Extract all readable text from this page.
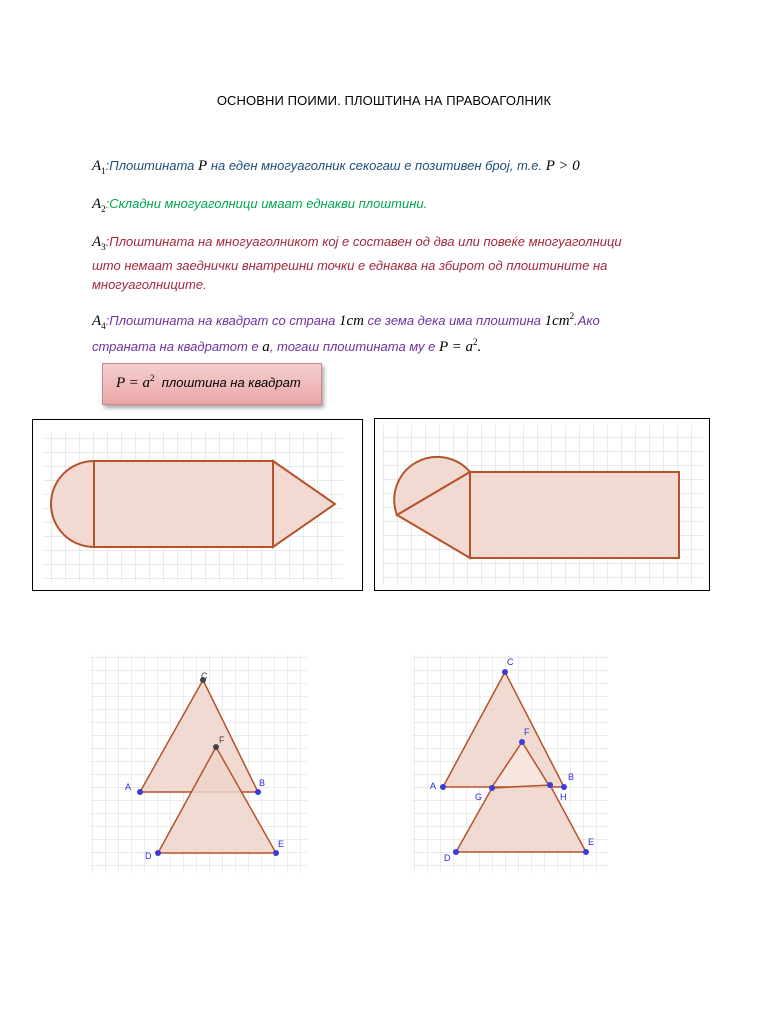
ОСНОВНИ ПОИМИ. ПЛОШТИНА НА ПРАВОАГОЛНИК
$A_1:Плоштината$ P на еден многуаголник секогаш е позитивен број, т.е. P > 0
$A_2:Складни$ многуаголници имаат еднакви плоштини.
$A_3:Плоштината$ на многуаголникот кој е составен од два или повеќе многуаголници
што немаат заеднички внатрешни точки е еднаква на збирот од плоштините на
многуаголниците.
$A_4:Плоштината$ на квадрат со страна 1cm се зема дека има плоштина $1cm^2.Ако$
страната на квадратот е a, тогаш плоштината му е $P = a^2$.
$P = a^2$ плоштина на квадрат
C
F
A	B
D
E
C
F
A
B
G	H
D
E
